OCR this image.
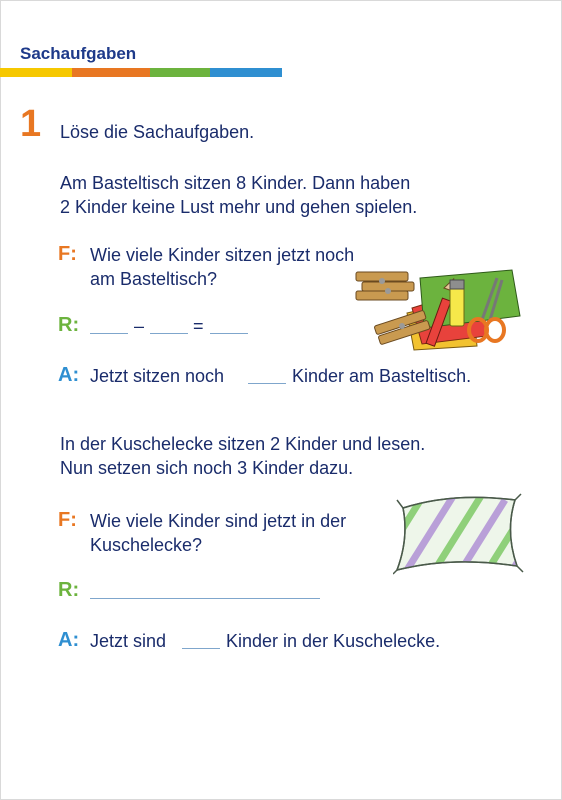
Sachaufgaben
1 Löse die Sachaufgaben.
Am Basteltisch sitzen 8 Kinder. Dann haben
2 Kinder keine Lust mehr und gehen spielen.
F: Wie viele Kinder sitzen jetzt noch
am Basteltisch?
R:	–	=
A: Jetzt sitzen noch	Kinder am Basteltisch.
In der Kuschelecke sitzen 2 Kinder und lesen.
Nun setzen sich noch 3 Kinder dazu.
F: Wie viele Kinder sind jetzt in der
Kuschelecke?
R:
A: Jetzt sind	Kinder in der Kuschelecke.
